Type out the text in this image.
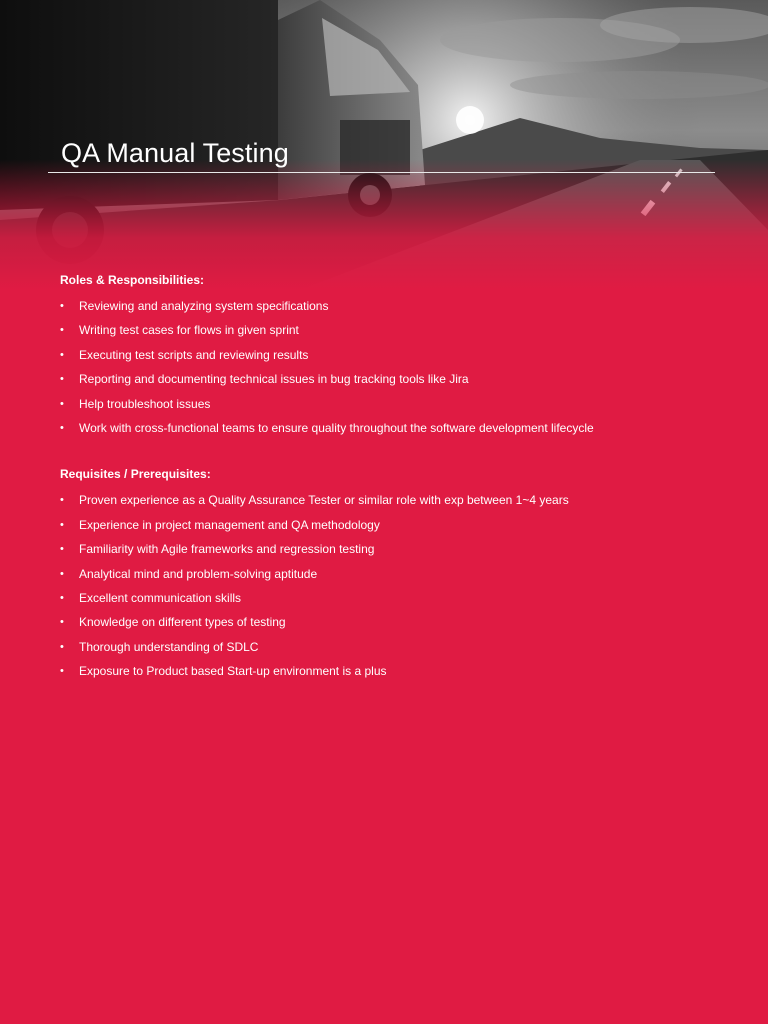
QA Manual Testing

Roles & Responsibilities:

• Reviewing and analyzing system specifications
• Writing test cases for flows in given sprint
• Executing test scripts and reviewing results
• Reporting and documenting technical issues in bug tracking tools like Jira
• Help troubleshoot issues
• Work with cross-functional teams to ensure quality throughout the software development lifecycle

Requisites / Prerequisites:

• Proven experience as a Quality Assurance Tester or similar role with exp between 1~4 years
• Experience in project management and QA methodology
• Familiarity with Agile frameworks and regression testing
• Analytical mind and problem-solving aptitude
• Excellent communication skills
• Knowledge on different types of testing
• Thorough understanding of SDLC
• Exposure to Product based Start-up environment is a plus
